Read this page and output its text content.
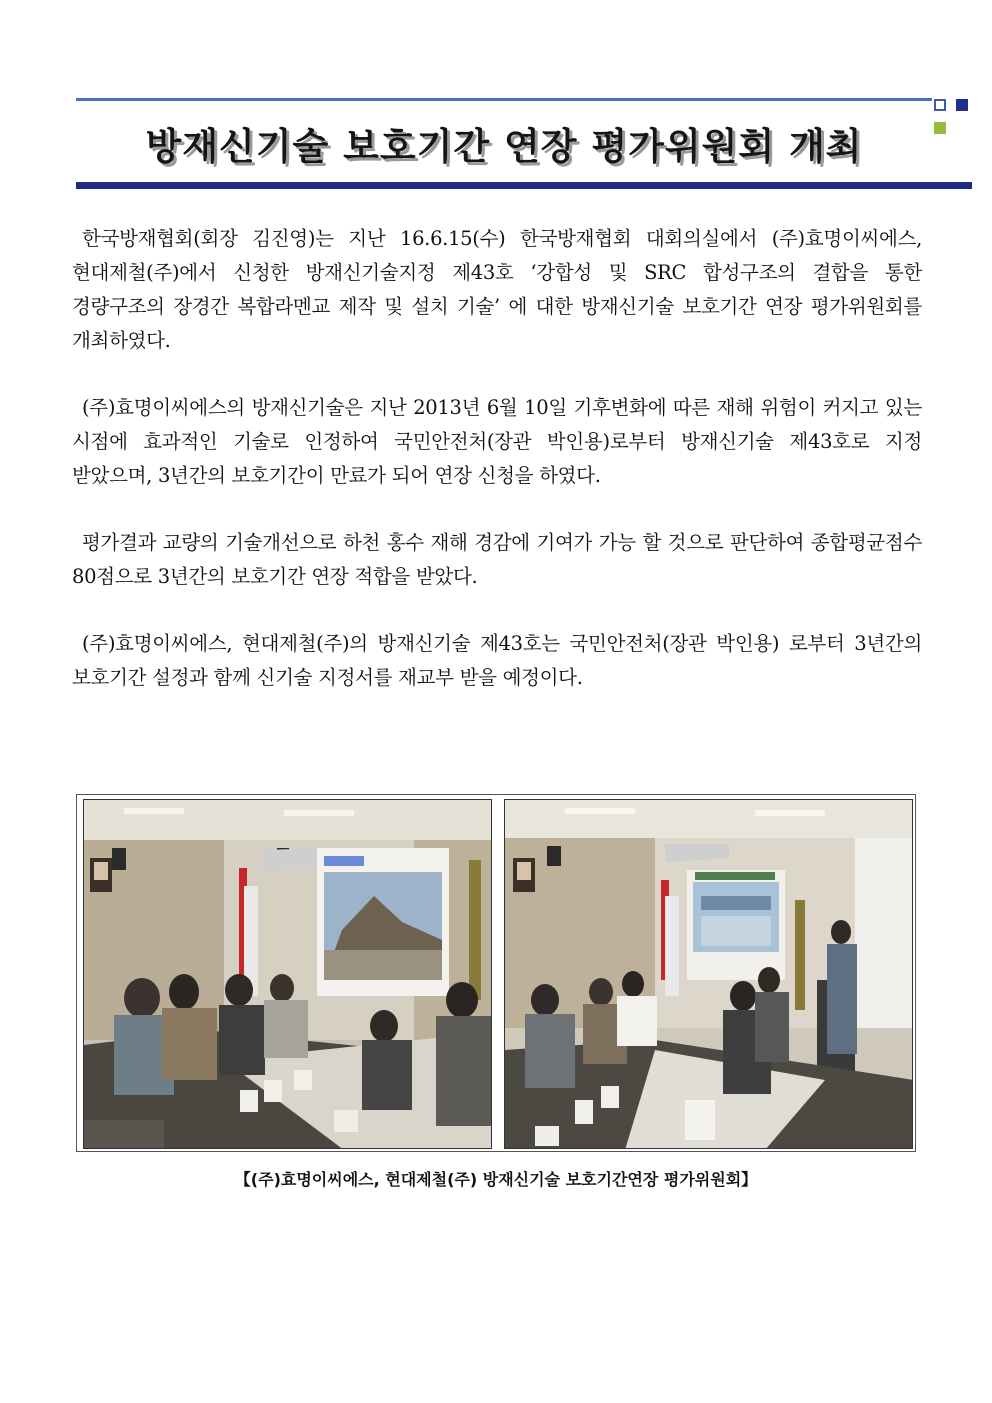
방재신기술 보호기간 연장 평가위원회 개최

한국방재협회(회장 김진영)는 지난 16.6.15(수) 한국방재협회 대회의실에서 (주)효명이씨에스, 현대제철(주)에서 신청한 방재신기술지정 제43호 ‘강합성 및 SRC 합성구조의 결합을 통한 경량구조의 장경간 복합라멘교 제작 및 설치 기술’ 에 대한 방재신기술 보호기간 연장 평가위원회를 개최하였다.

(주)효명이씨에스의 방재신기술은 지난 2013년 6월 10일 기후변화에 따른 재해 위험이 커지고 있는 시점에 효과적인 기술로 인정하여 국민안전처(장관 박인용)로부터 방재신기술 제43호로 지정 받았으며, 3년간의 보호기간이 만료가 되어 연장 신청을 하였다.

평가결과 교량의 기술개선으로 하천 홍수 재해 경감에 기여가 가능 할 것으로 판단하여 종합평균점수 80점으로 3년간의 보호기간 연장 적합을 받았다.

(주)효명이씨에스, 현대제철(주)의 방재신기술 제43호는 국민안전처(장관 박인용) 로부터 3년간의 보호기간 설정과 함께 신기술 지정서를 재교부 받을 예정이다.

【(주)효명이씨에스, 현대제철(주) 방재신기술 보호기간연장 평가위원회】
